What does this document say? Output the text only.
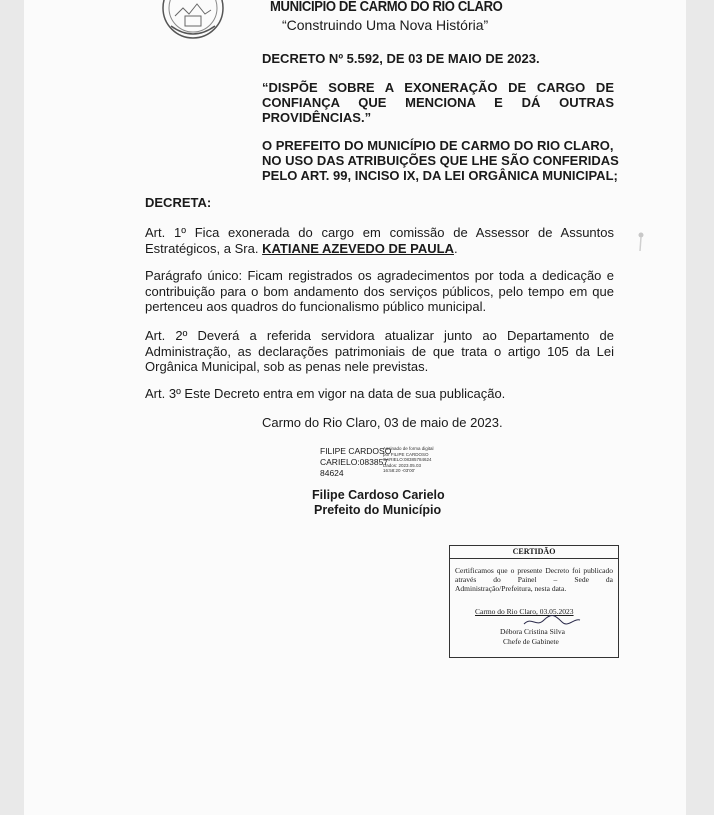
MUNICIPIO DE CARMO DO RIO CLARO
“Construindo Uma Nova História”
DECRETO Nº 5.592, DE 03 DE MAIO DE 2023.
“DISPÕE SOBRE A EXONERAÇÃO DE CARGO DE
CONFIANÇA QUE MENCIONA E DÁ OUTRAS
PROVIDÊNCIAS.”
O PREFEITO DO MUNICÍPIO DE CARMO DO RIO CLARO,
NO USO DAS ATRIBUIÇÕES QUE LHE SÃO CONFERIDAS
PELO ART. 99, INCISO IX, DA LEI ORGÂNICA MUNICIPAL;
DECRETA:
Art. 1º Fica exonerada do cargo em comissão de Assessor de Assuntos Estratégicos, a Sra. KATIANE AZEVEDO DE PAULA.
Parágrafo único: Ficam registrados os agradecimentos por toda a dedicação e contribuição para o bom andamento dos serviços públicos, pelo tempo em que pertenceu aos quadros do funcionalismo público municipal.
Art. 2º Deverá a referida servidora atualizar junto ao Departamento de Administração, as declarações patrimoniais de que trata o artigo 105 da Lei Orgânica Municipal, sob as penas nele previstas.
Art. 3º Este Decreto entra em vigor na data de sua publicação.
Carmo do Rio Claro, 03 de maio de 2023.
FILIPE CARDOSO
CARIELO:083857
84624
Assinado de forma digital
por FILIPE CARDOSO
CARIELO:08385784624
Dados: 2023.05.03
16:58:20 -03'00'
Filipe Cardoso Carielo
Prefeito do Município
CERTIDÃO
Certificamos que o presente Decreto foi publicado através do Painel – Sede da Administração/Prefeitura, nesta data.
Carmo do Rio Claro, 03.05.2023
Débora Cristina Silva
Chefe de Gabinete
